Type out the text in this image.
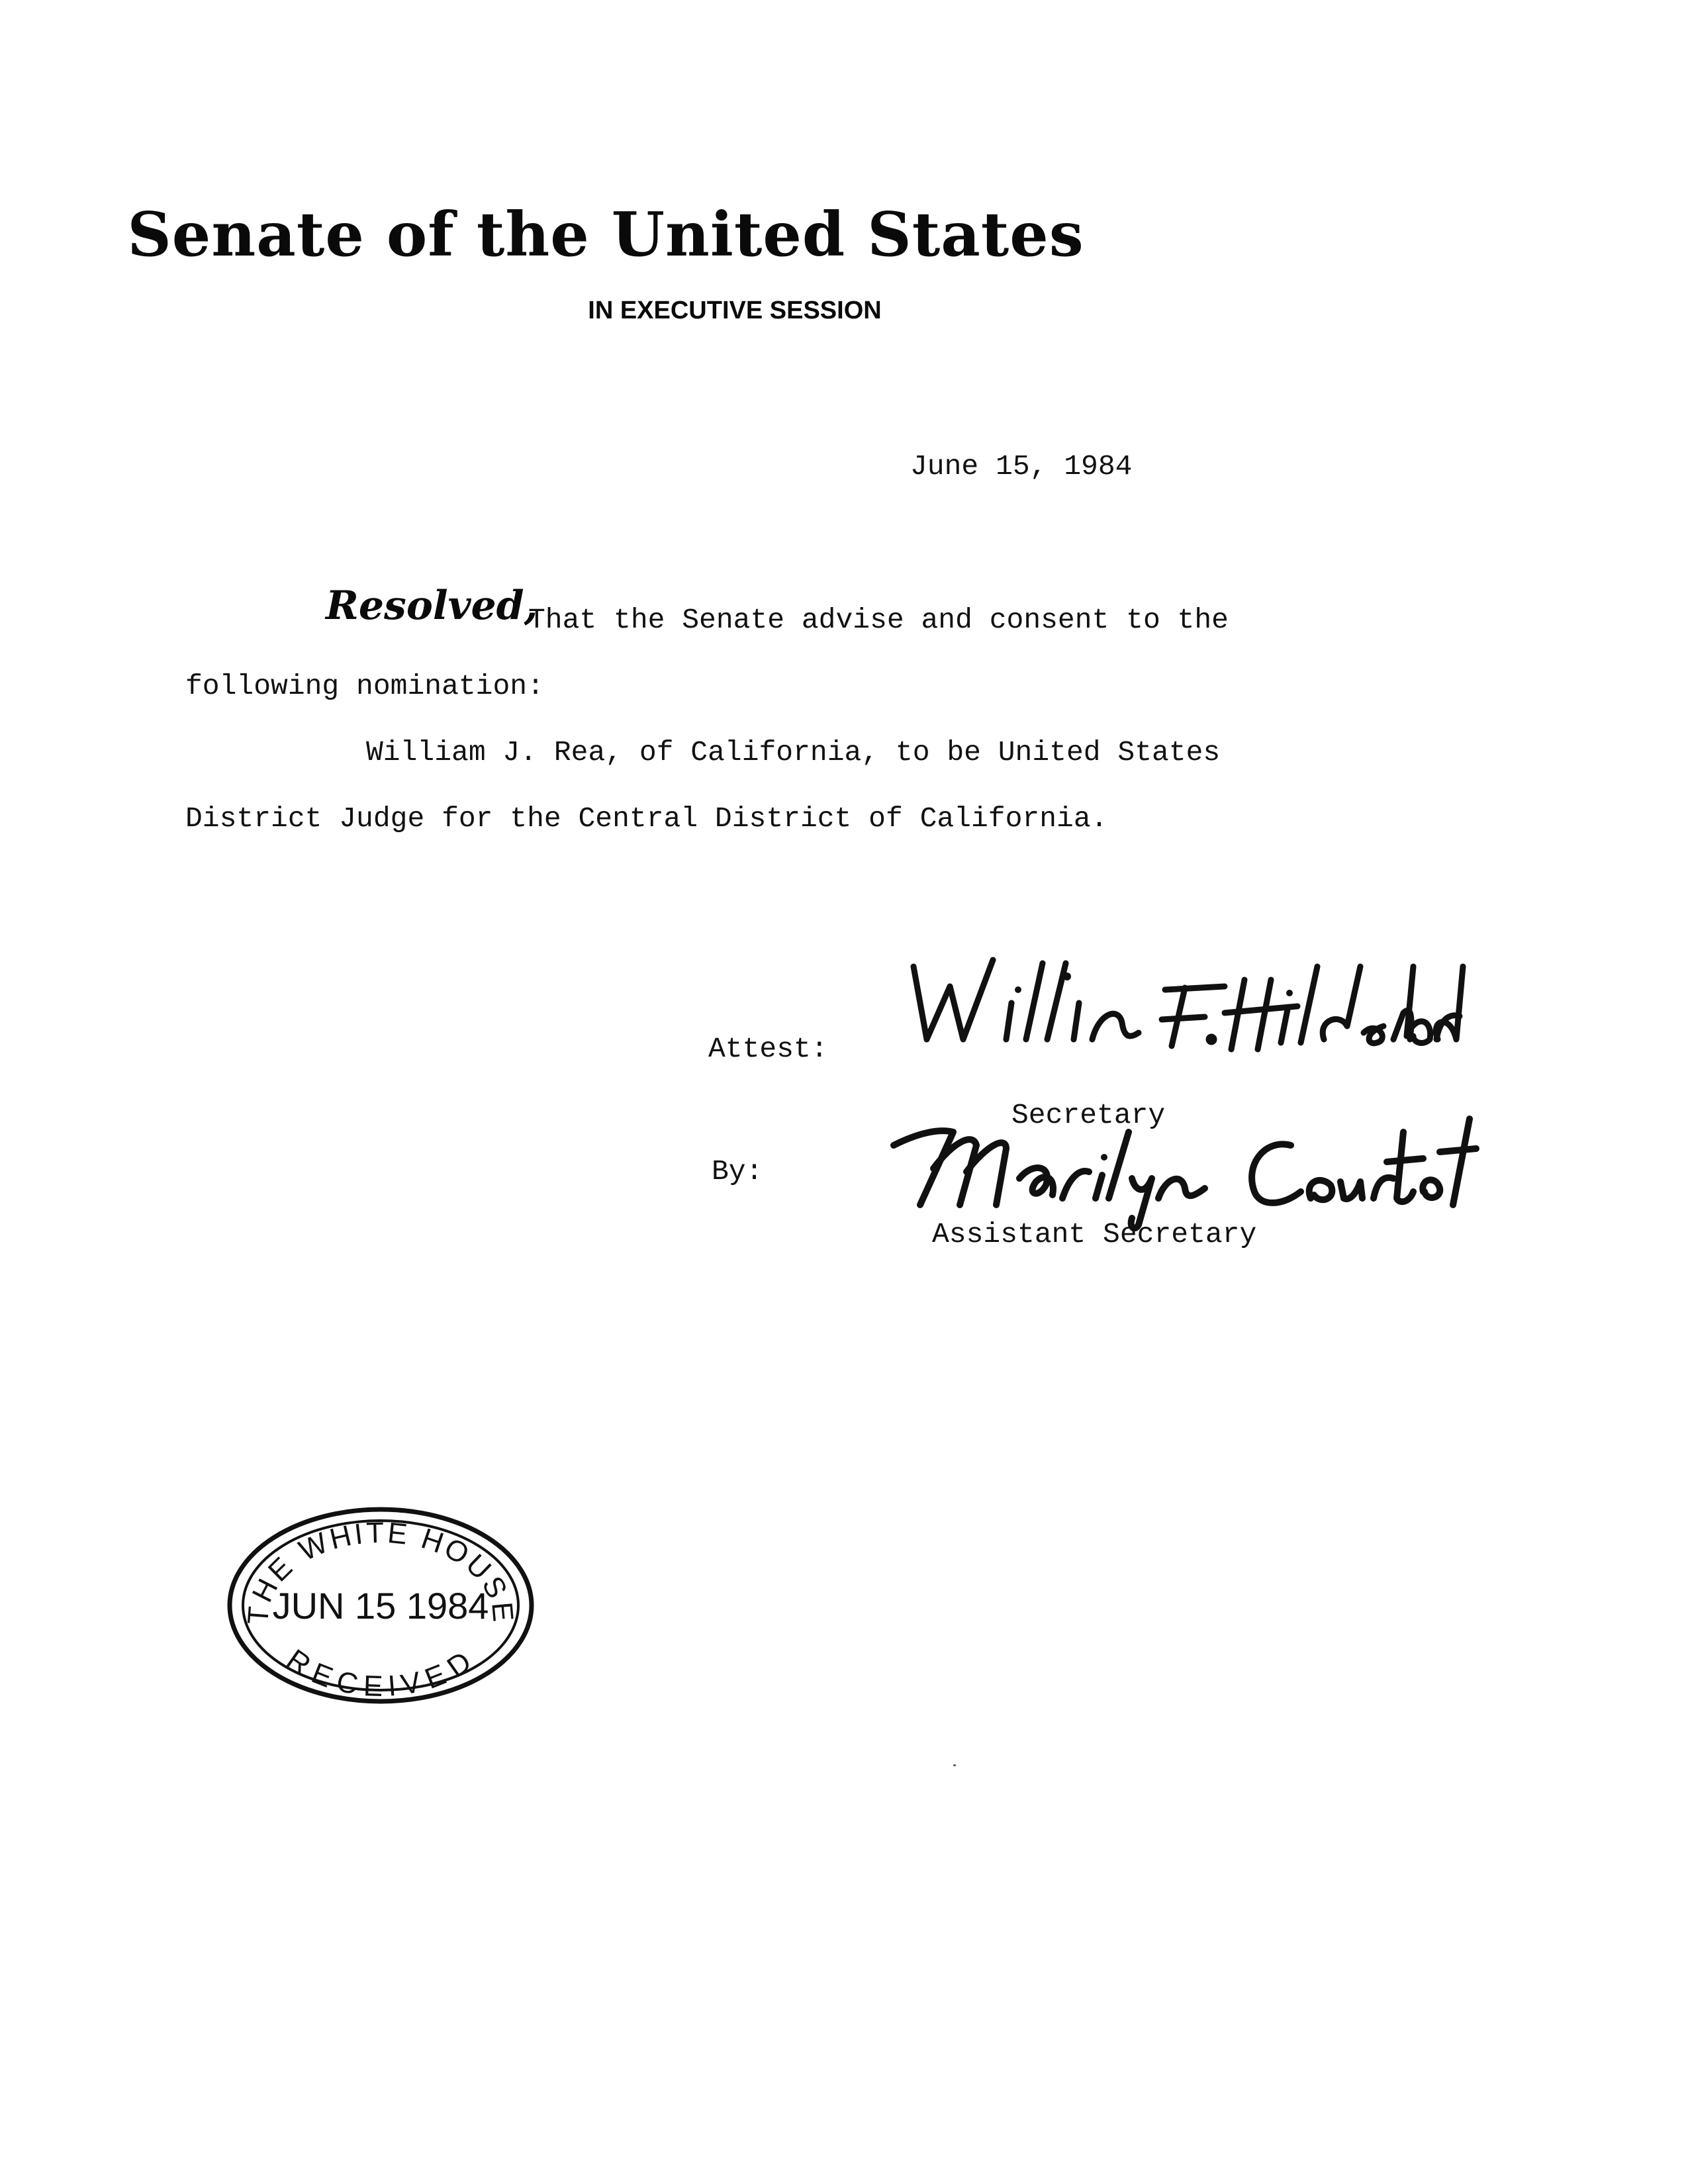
Senate of the United States
IN EXECUTIVE SESSION
June 15, 1984
Resolved,
That the Senate advise and consent to the
following nomination:
William J. Rea, of California, to be United States
District Judge for the Central District of California.
Attest:
Secretary
By:
Assistant Secretary
THE WHITE HOUSE
JUN 15 1984
RECEIVED
